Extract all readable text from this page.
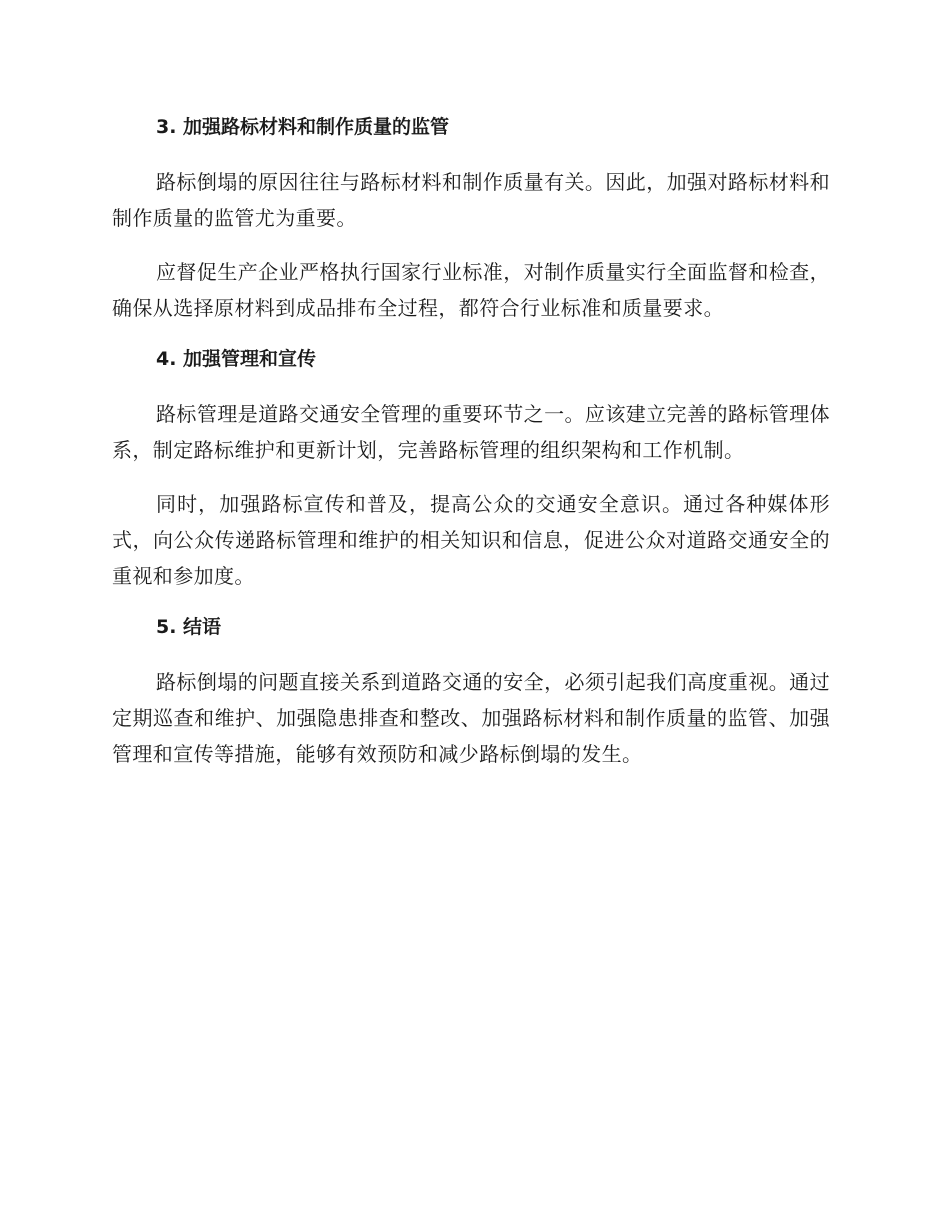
3. 加强路标材料和制作质量的监管

路标倒塌的原因往往与路标材料和制作质量有关。因此，加强对路标材料和制作质量的监管尤为重要。

应督促生产企业严格执行国家行业标准，对制作质量实行全面监督和检查，确保从选择原材料到成品排布全过程，都符合行业标准和质量要求。

4. 加强管理和宣传

路标管理是道路交通安全管理的重要环节之一。应该建立完善的路标管理体系，制定路标维护和更新计划，完善路标管理的组织架构和工作机制。

同时，加强路标宣传和普及，提高公众的交通安全意识。通过各种媒体形式，向公众传递路标管理和维护的相关知识和信息，促进公众对道路交通安全的重视和参加度。

5. 结语

路标倒塌的问题直接关系到道路交通的安全，必须引起我们高度重视。通过定期巡查和维护、加强隐患排查和整改、加强路标材料和制作质量的监管、加强管理和宣传等措施，能够有效预防和减少路标倒塌的发生。
